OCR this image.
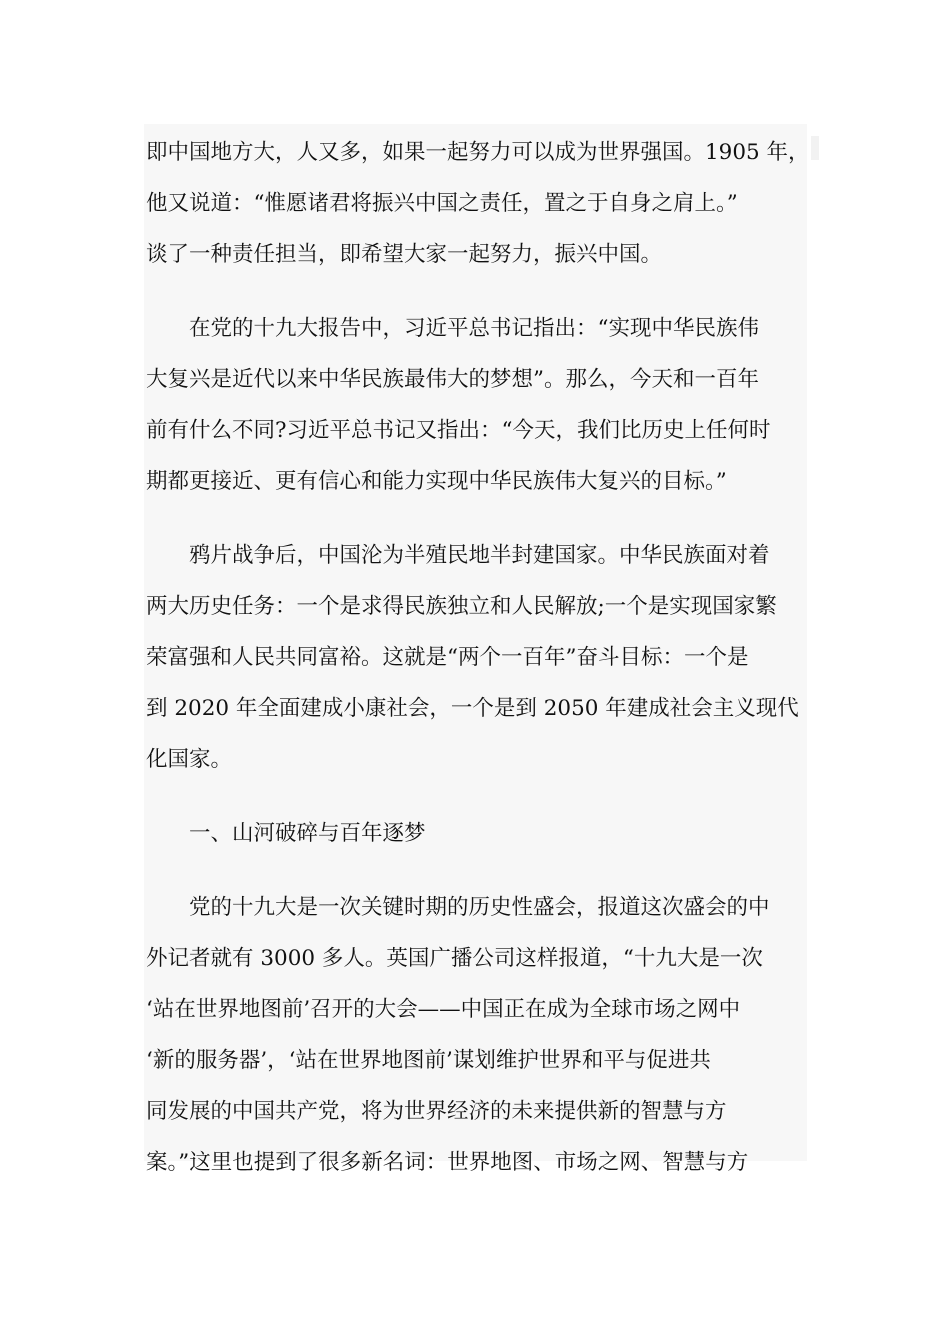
即中国地方大，人又多，如果一起努力可以成为世界强国。1905 年，
他又说道：“惟愿诸君将振兴中国之责任，置之于自身之肩上。”
谈了一种责任担当，即希望大家一起努力，振兴中国。
　　在党的十九大报告中，习近平总书记指出：“实现中华民族伟
大复兴是近代以来中华民族最伟大的梦想”。那么，今天和一百年
前有什么不同?习近平总书记又指出：“今天，我们比历史上任何时
期都更接近、更有信心和能力实现中华民族伟大复兴的目标。”
　　鸦片战争后，中国沦为半殖民地半封建国家。中华民族面对着
两大历史任务：一个是求得民族独立和人民解放;一个是实现国家繁
荣富强和人民共同富裕。这就是“两个一百年”奋斗目标：一个是
到 2020 年全面建成小康社会，一个是到 2050 年建成社会主义现代
化国家。
　　一、山河破碎与百年逐梦
　　党的十九大是一次关键时期的历史性盛会，报道这次盛会的中
外记者就有 3000 多人。英国广播公司这样报道，“十九大是一次
‘站在世界地图前’召开的大会——中国正在成为全球市场之网中
‘新的服务器’，‘站在世界地图前’谋划维护世界和平与促进共
同发展的中国共产党，将为世界经济的未来提供新的智慧与方
案。”这里也提到了很多新名词：世界地图、市场之网、智慧与方
